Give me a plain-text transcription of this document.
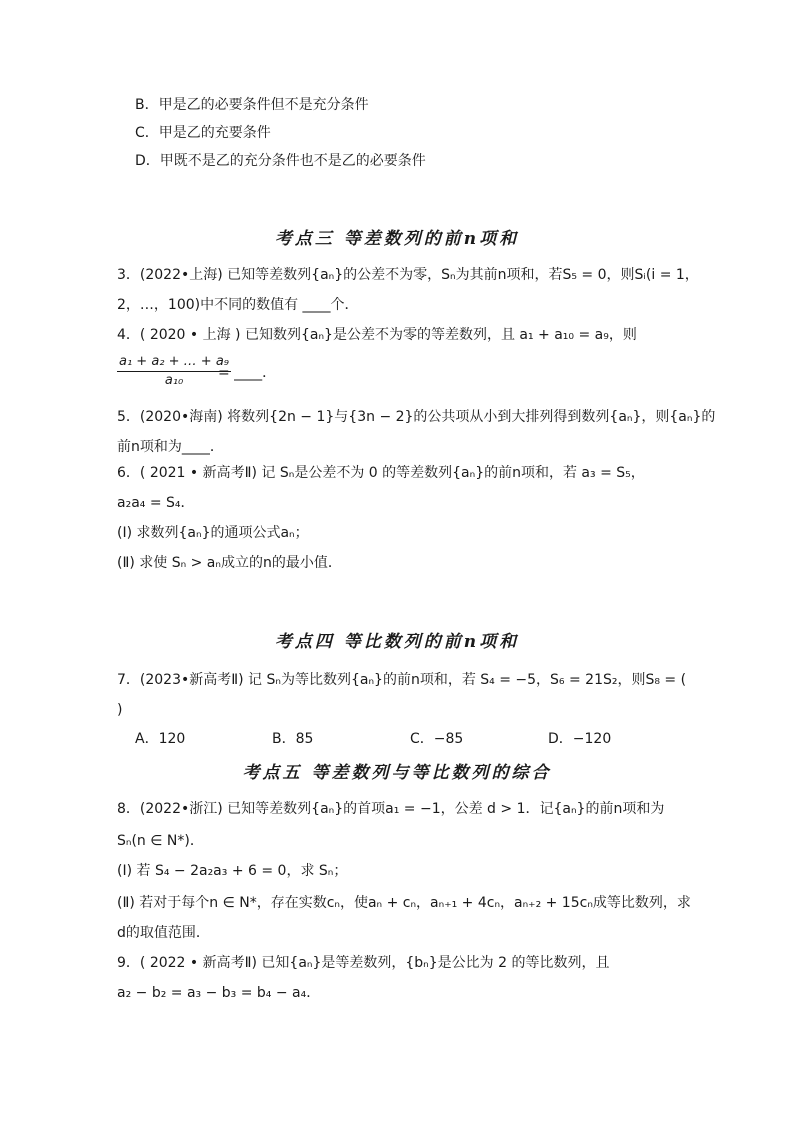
B．甲是乙的必要条件但不是充分条件
C．甲是乙的充要条件
D．甲既不是乙的充分条件也不是乙的必要条件
考点三 等差数列的前n项和
3．(2022•上海) 已知等差数列{aₙ}的公差不为零，Sₙ为其前n项和，若S₅ = 0，则Sᵢ(i = 1，
2，…，100)中不同的数值有 ____个．
4．( 2020 • 上海 ) 已知数列{aₙ}是公差不为零的等差数列，且 a₁ + a₁₀ = a₉，则
$\frac{\text{a₁ + a₂ + … + a₉}}{\text{a₁₀}}$
= ____．
5．(2020•海南) 将数列{2n − 1}与{3n − 2}的公共项从小到大排列得到数列{aₙ}，则{aₙ}的
前n项和为____．
6．( 2021 • 新高考Ⅱ) 记 Sₙ是公差不为 0 的等差数列{aₙ}的前n项和，若 a₃ = S₅，
a₂a₄ = S₄．
(Ⅰ) 求数列{aₙ}的通项公式aₙ；
(Ⅱ) 求使 Sₙ > aₙ成立的n的最小值．
考点四 等比数列的前n项和
7．(2023•新高考Ⅱ) 记 Sₙ为等比数列{aₙ}的前n项和，若 S₄ = −5，S₆ = 21S₂，则S₈ = (
)
A．120	B．85	C．−85	D．−120
考点五 等差数列与等比数列的综合
8．(2022•浙江) 已知等差数列{aₙ}的首项a₁ = −1，公差 d > 1．记{aₙ}的前n项和为
Sₙ(n ∈ N*)．
(Ⅰ) 若 S₄ − 2a₂a₃ + 6 = 0，求 Sₙ；
(Ⅱ) 若对于每个n ∈ N*，存在实数cₙ，使aₙ + cₙ，aₙ₊₁ + 4cₙ，aₙ₊₂ + 15cₙ成等比数列，求
d的取值范围．
9．( 2022 • 新高考Ⅱ) 已知{aₙ}是等差数列，{bₙ}是公比为 2 的等比数列，且
a₂ − b₂ = a₃ − b₃ = b₄ − a₄．
